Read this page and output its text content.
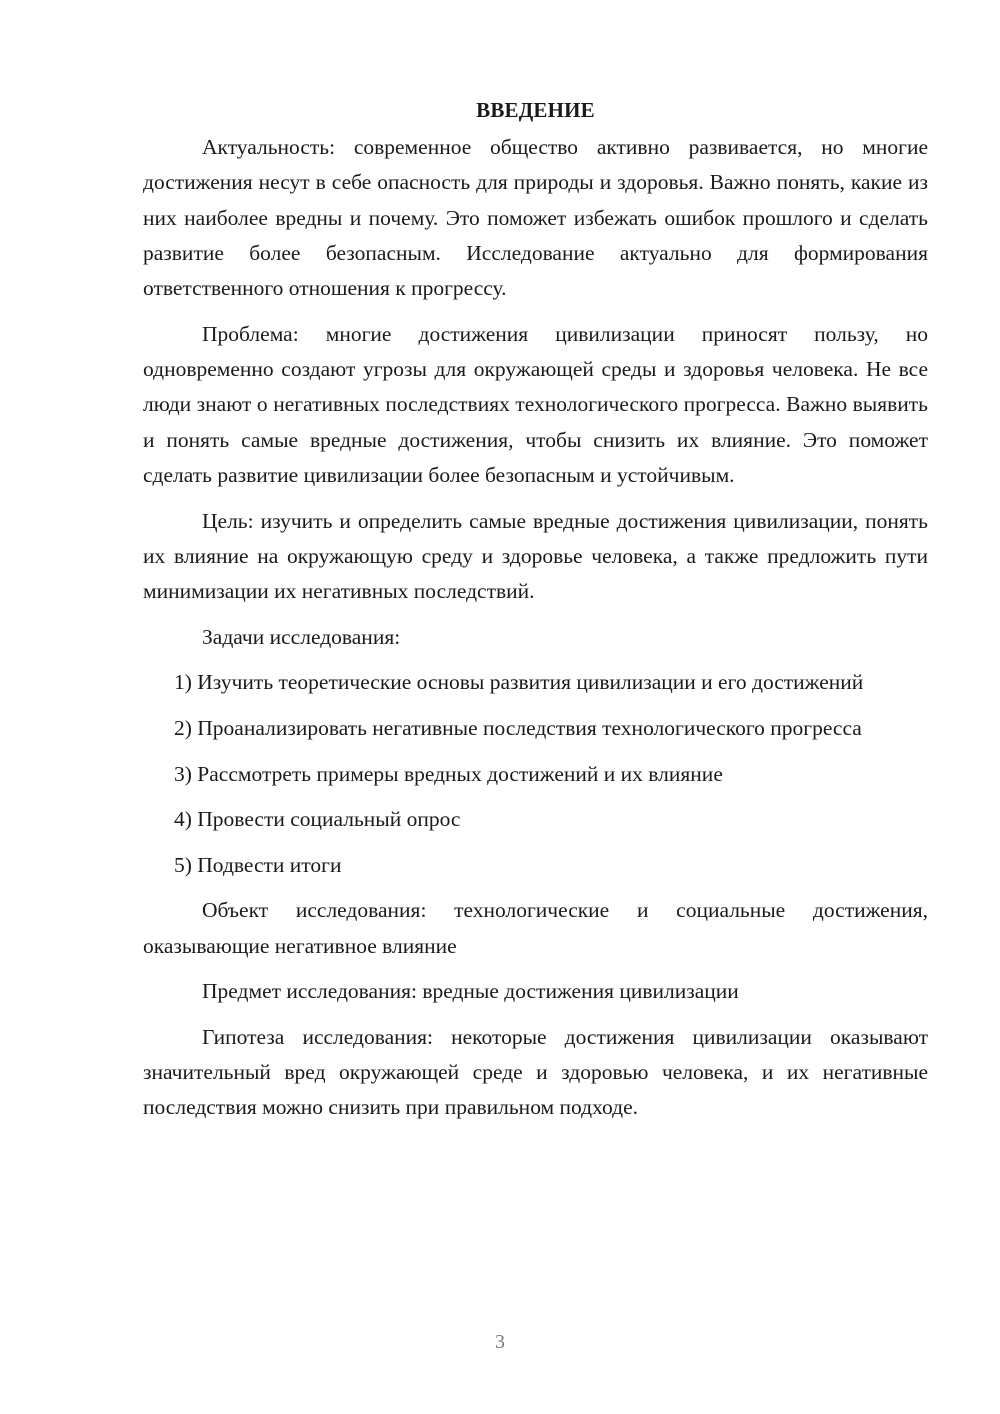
ВВЕДЕНИЕ

Актуальность: современное общество активно развивается, но многие достижения несут в себе опасность для природы и здоровья. Важно понять, какие из них наиболее вредны и почему. Это поможет избежать ошибок прошлого и сделать развитие более безопасным. Исследование актуально для формирования ответственного отношения к прогрессу.

Проблема: многие достижения цивилизации приносят пользу, но одновременно создают угрозы для окружающей среды и здоровья человека. Не все люди знают о негативных последствиях технологического прогресса. Важно выявить и понять самые вредные достижения, чтобы снизить их влияние. Это поможет сделать развитие цивилизации более безопасным и устойчивым.

Цель: изучить и определить самые вредные достижения цивилизации, понять их влияние на окружающую среду и здоровье человека, а также предложить пути минимизации их негативных последствий.

Задачи исследования:

1) Изучить теоретические основы развития цивилизации и его достижений

2) Проанализировать негативные последствия технологического прогресса

3) Рассмотреть примеры вредных достижений и их влияние

4) Провести социальный опрос

5) Подвести итоги

Объект исследования: технологические и социальные достижения, оказывающие негативное влияние

Предмет исследования: вредные достижения цивилизации

Гипотеза исследования: некоторые достижения цивилизации оказывают значительный вред окружающей среде и здоровью человека, и их негативные последствия можно снизить при правильном подходе.

3
